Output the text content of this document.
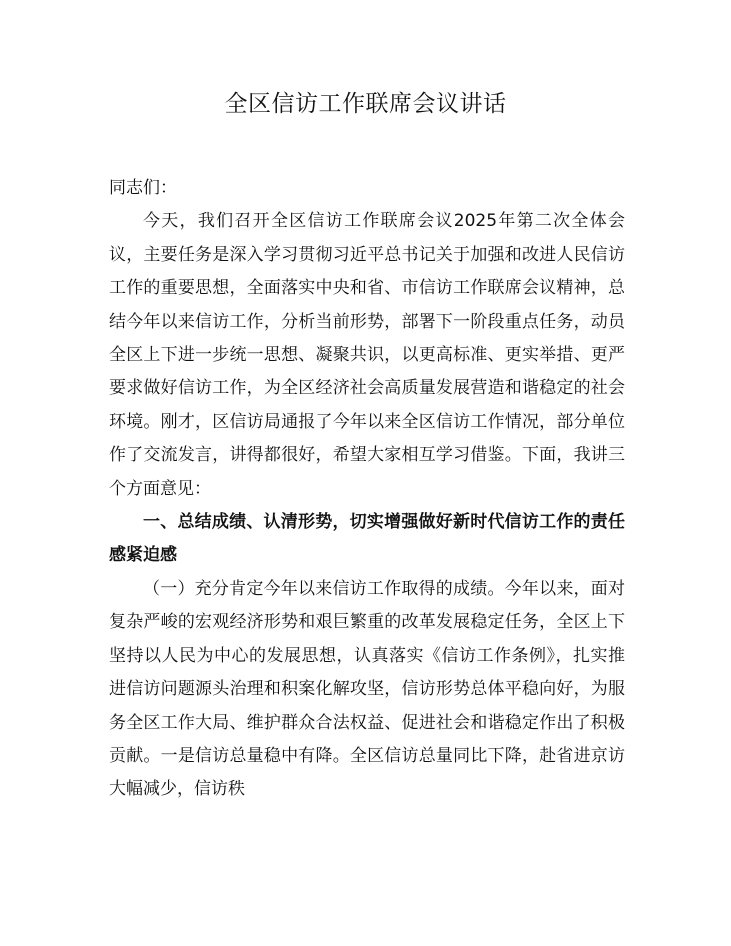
全区信访工作联席会议讲话

同志们：

今天，我们召开全区信访工作联席会议2025年第二次全体会议，主要任务是深入学习贯彻习近平总书记关于加强和改进人民信访工作的重要思想，全面落实中央和省、市信访工作联席会议精神，总结今年以来信访工作，分析当前形势，部署下一阶段重点任务，动员全区上下进一步统一思想、凝聚共识，以更高标准、更实举措、更严要求做好信访工作，为全区经济社会高质量发展营造和谐稳定的社会环境。刚才，区信访局通报了今年以来全区信访工作情况，部分单位作了交流发言，讲得都很好，希望大家相互学习借鉴。下面，我讲三个方面意见：

一、总结成绩、认清形势，切实增强做好新时代信访工作的责任感紧迫感

（一）充分肯定今年以来信访工作取得的成绩。今年以来，面对复杂严峻的宏观经济形势和艰巨繁重的改革发展稳定任务，全区上下坚持以人民为中心的发展思想，认真落实《信访工作条例》，扎实推进信访问题源头治理和积案化解攻坚，信访形势总体平稳向好，为服务全区工作大局、维护群众合法权益、促进社会和谐稳定作出了积极贡献。一是信访总量稳中有降。全区信访总量同比下降，赴省进京访大幅减少，信访秩
